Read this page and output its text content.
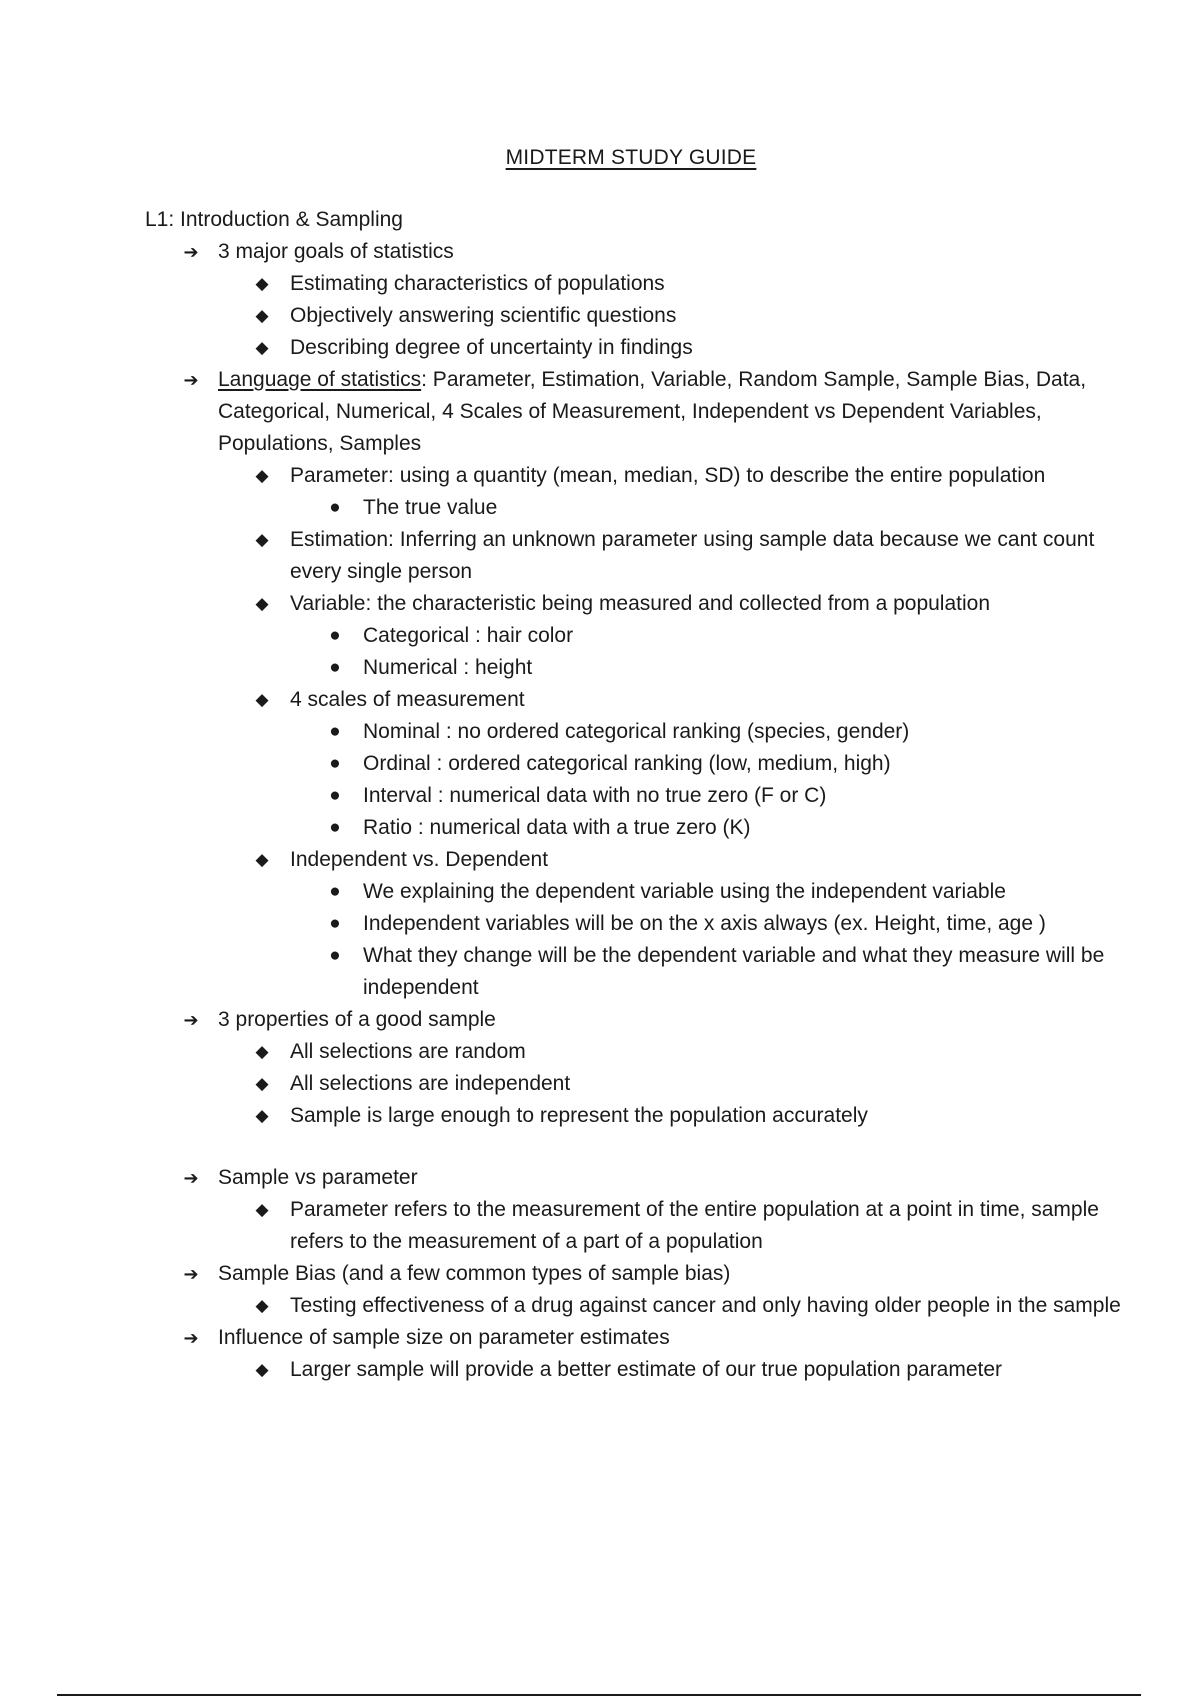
MIDTERM STUDY GUIDE
L1: Introduction & Sampling
➔ 3 major goals of statistics
◆ Estimating characteristics of populations
◆ Objectively answering scientific questions
◆ Describing degree of uncertainty in findings
➔ Language of statistics: Parameter, Estimation, Variable, Random Sample, Sample Bias, Data, Categorical, Numerical, 4 Scales of Measurement, Independent vs Dependent Variables, Populations, Samples
◆ Parameter: using a quantity (mean, median, SD) to describe the entire population
● The true value
◆ Estimation: Inferring an unknown parameter using sample data because we cant count every single person
◆ Variable: the characteristic being measured and collected from a population
● Categorical : hair color
● Numerical : height
◆ 4 scales of measurement
● Nominal : no ordered categorical ranking (species, gender)
● Ordinal : ordered categorical ranking (low, medium, high)
● Interval : numerical data with no true zero (F or C)
● Ratio : numerical data with a true zero (K)
◆ Independent vs. Dependent
● We explaining the dependent variable using the independent variable
● Independent variables will be on the x axis always (ex. Height, time, age )
● What they change will be the dependent variable and what they measure will be independent
➔ 3 properties of a good sample
◆ All selections are random
◆ All selections are independent
◆ Sample is large enough to represent the population accurately
➔ Sample vs parameter
◆ Parameter refers to the measurement of the entire population at a point in time, sample refers to the measurement of a part of a population
➔ Sample Bias (and a few common types of sample bias)
◆ Testing effectiveness of a drug against cancer and only having older people in the sample
➔ Influence of sample size on parameter estimates
◆ Larger sample will provide a better estimate of our true population parameter
